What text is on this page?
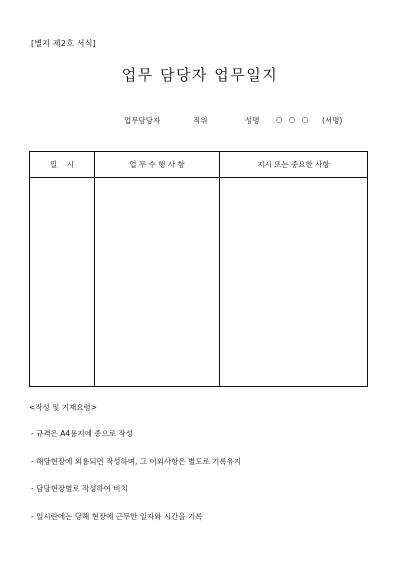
[별지 제2호 서식]
업무 담당자 업무일지
업무담당자	직위	성명 ○ ○ ○ (서명)
일    시	업 무 수 행 사 항	지시 또는 중요한 사항

<작성 및 기재요령>
- 규격은 A4용지에 종으로 작성
- 해당현장에 외용되면 작성하며, 그 이외사항은 별도로 기록유지
- 담당현장별로 작성하여 비치
- 일시란에는 당해 현장에 근무한 일자와 시간을 기록
